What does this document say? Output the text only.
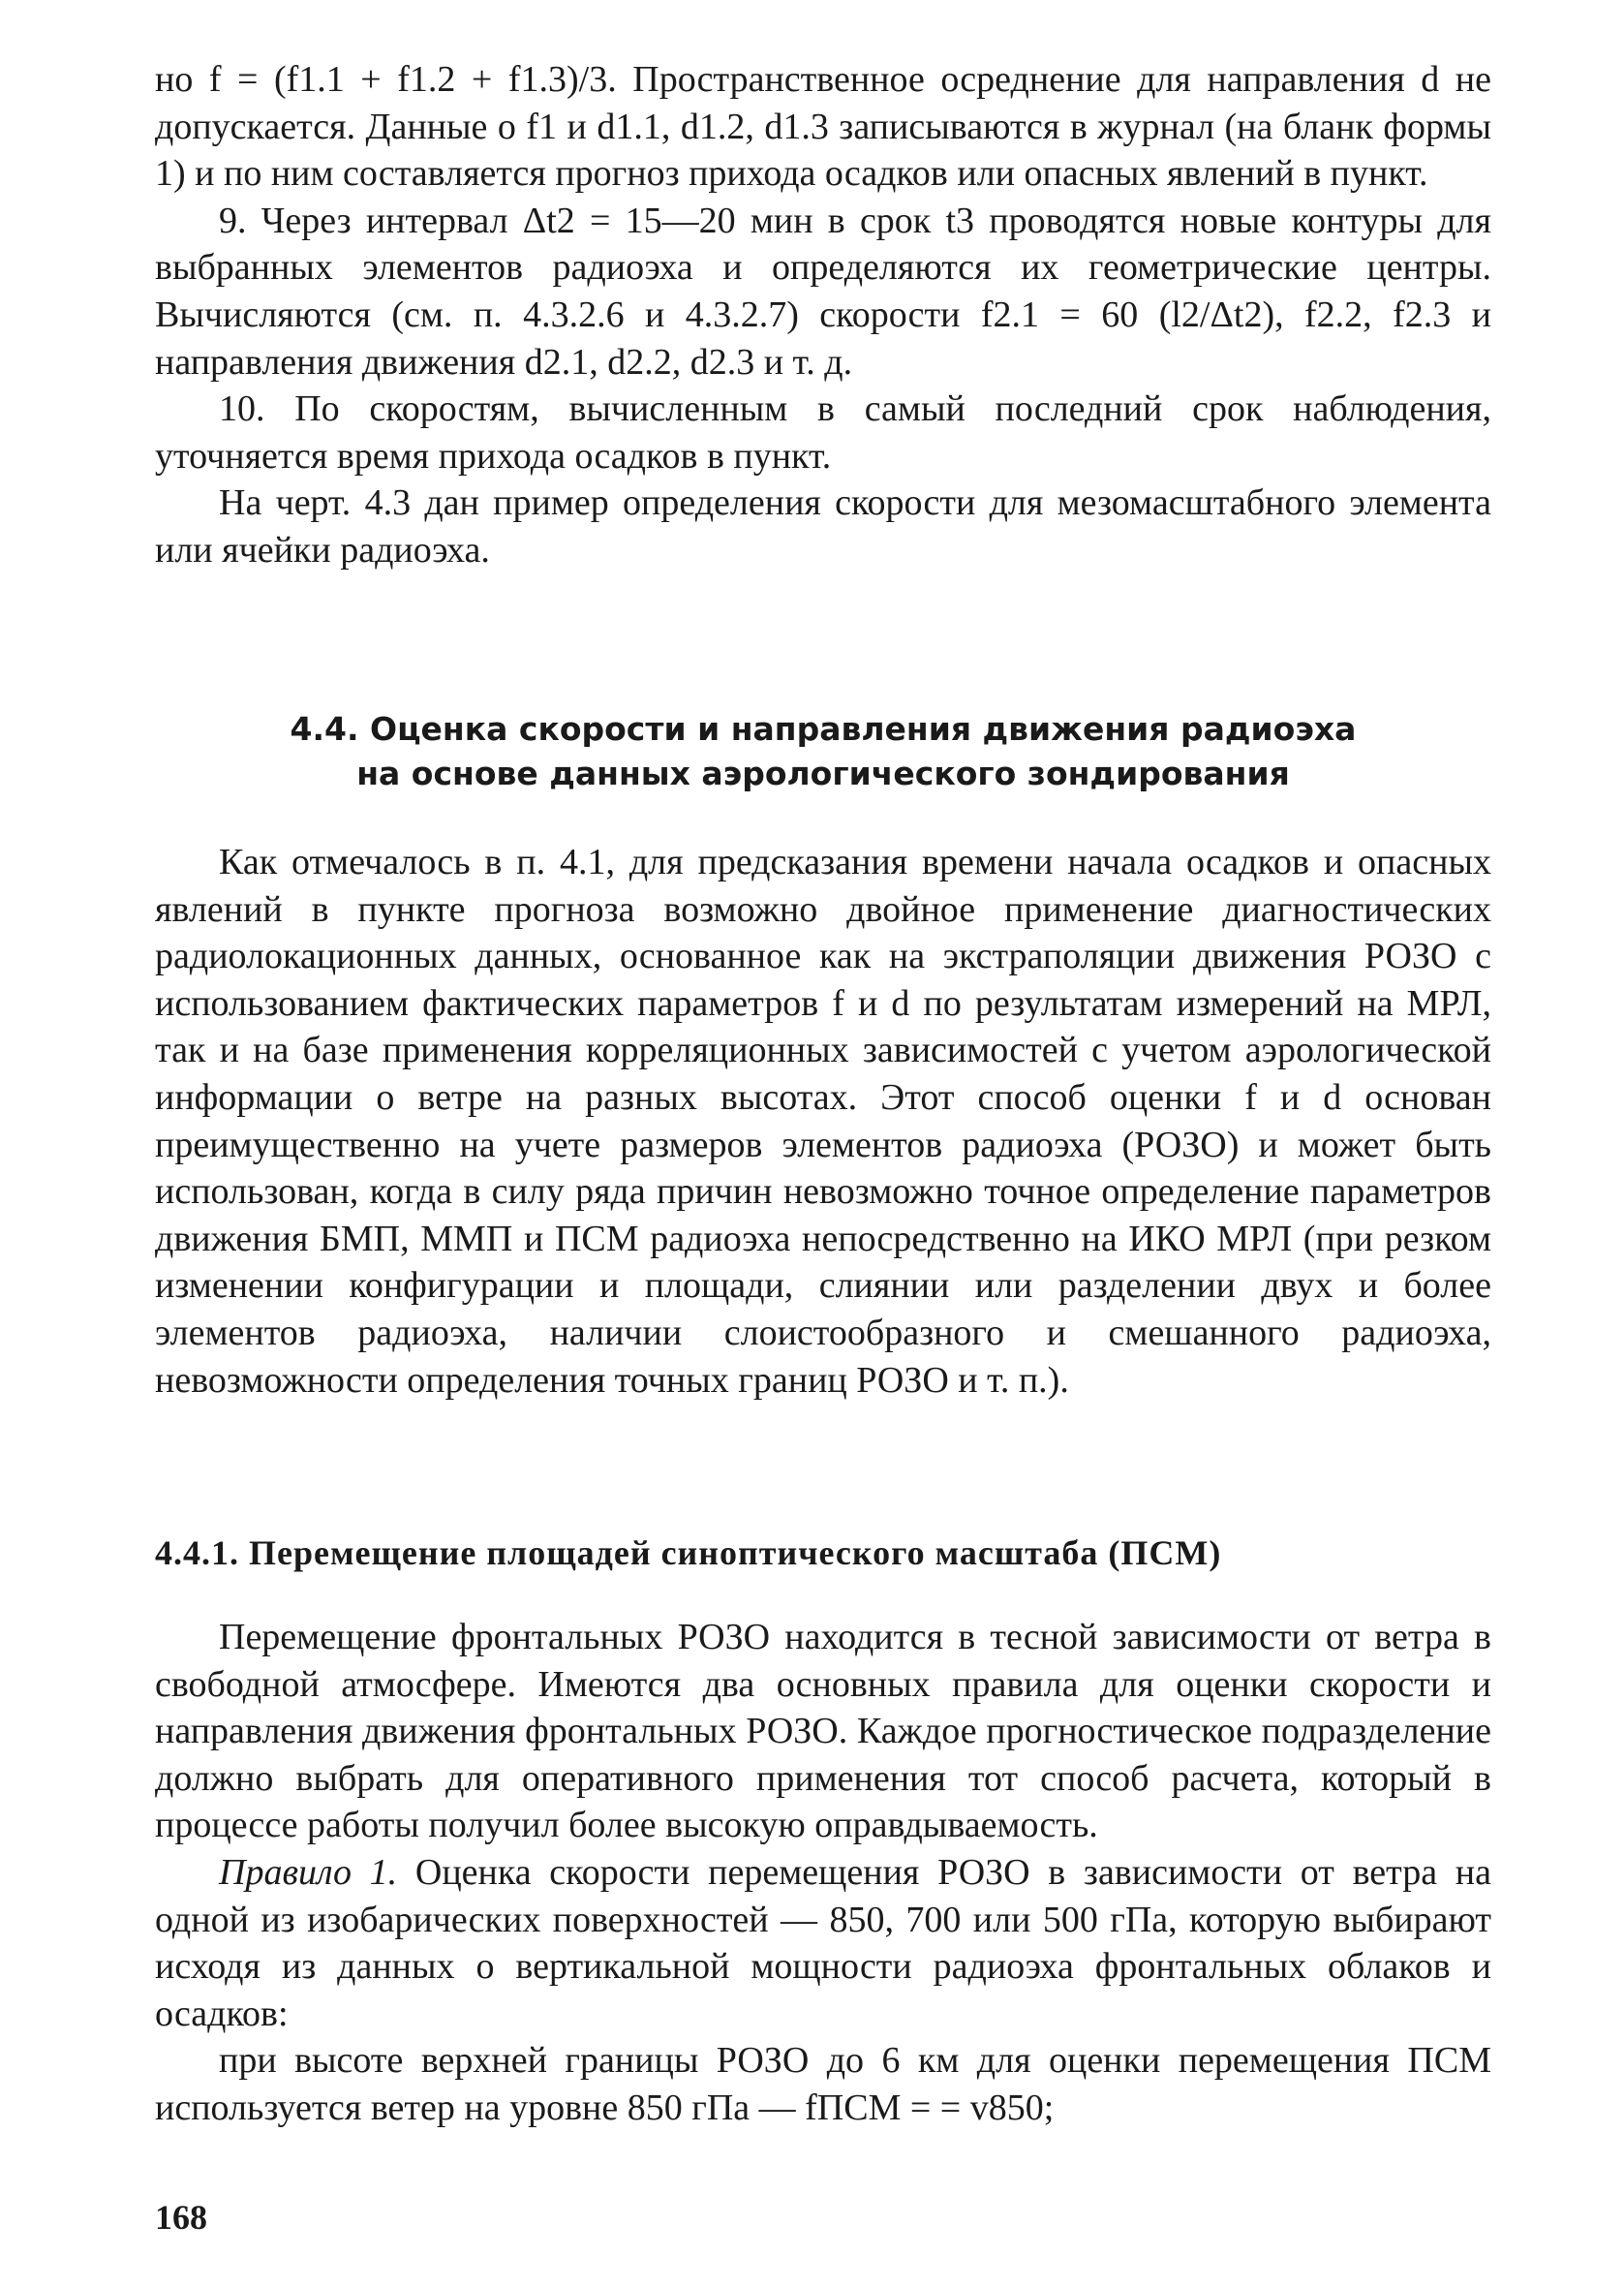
но f = (f1.1 + f1.2 + f1.3)/3. Пространственное осреднение для направления d не допускается. Данные о f1 и d1.1, d1.2, d1.3 записываются в журнал (на бланк формы 1) и по ним составляется прогноз прихода осадков или опасных явлений в пункт.

9. Через интервал Δt2 = 15—20 мин в срок t3 проводятся новые контуры для выбранных элементов радиоэха и определяются их геометрические центры. Вычисляются (см. п. 4.3.2.6 и 4.3.2.7) скорости f2.1 = 60 (l2/Δt2), f2.2, f2.3 и направления движения d2.1, d2.2, d2.3 и т. д.

10. По скоростям, вычисленным в самый последний срок наблюдения, уточняется время прихода осадков в пункт.

На черт. 4.3 дан пример определения скорости для мезомасштабного элемента или ячейки радиоэха.

4.4. Оценка скорости и направления движения радиоэха
на основе данных аэрологического зондирования

Как отмечалось в п. 4.1, для предсказания времени начала осадков и опасных явлений в пункте прогноза возможно двойное применение диагностических радиолокационных данных, основанное как на экстраполяции движения РОЗО с использованием фактических параметров f и d по результатам измерений на МРЛ, так и на базе применения корреляционных зависимостей с учетом аэрологической информации о ветре на разных высотах. Этот способ оценки f и d основан преимущественно на учете размеров элементов радиоэха (РОЗО) и может быть использован, когда в силу ряда причин невозможно точное определение параметров движения БМП, ММП и ПСМ радиоэха непосредственно на ИКО МРЛ (при резком изменении конфигурации и площади, слиянии или разделении двух и более элементов радиоэха, наличии слоистообразного и смешанного радиоэха, невозможности определения точных границ РОЗО и т. п.).

4.4.1. Перемещение площадей синоптического масштаба (ПСМ)

Перемещение фронтальных РОЗО находится в тесной зависимости от ветра в свободной атмосфере. Имеются два основных правила для оценки скорости и направления движения фронтальных РОЗО. Каждое прогностическое подразделение должно выбрать для оперативного применения тот способ расчета, который в процессе работы получил более высокую оправдываемость.

Правило 1. Оценка скорости перемещения РОЗО в зависимости от ветра на одной из изобарических поверхностей — 850, 700 или 500 гПа, которую выбирают исходя из данных о вертикальной мощности радиоэха фронтальных облаков и осадков:

при высоте верхней границы РОЗО до 6 км для оценки перемещения ПСМ используется ветер на уровне 850 гПа — fПСМ = = v850;

168
